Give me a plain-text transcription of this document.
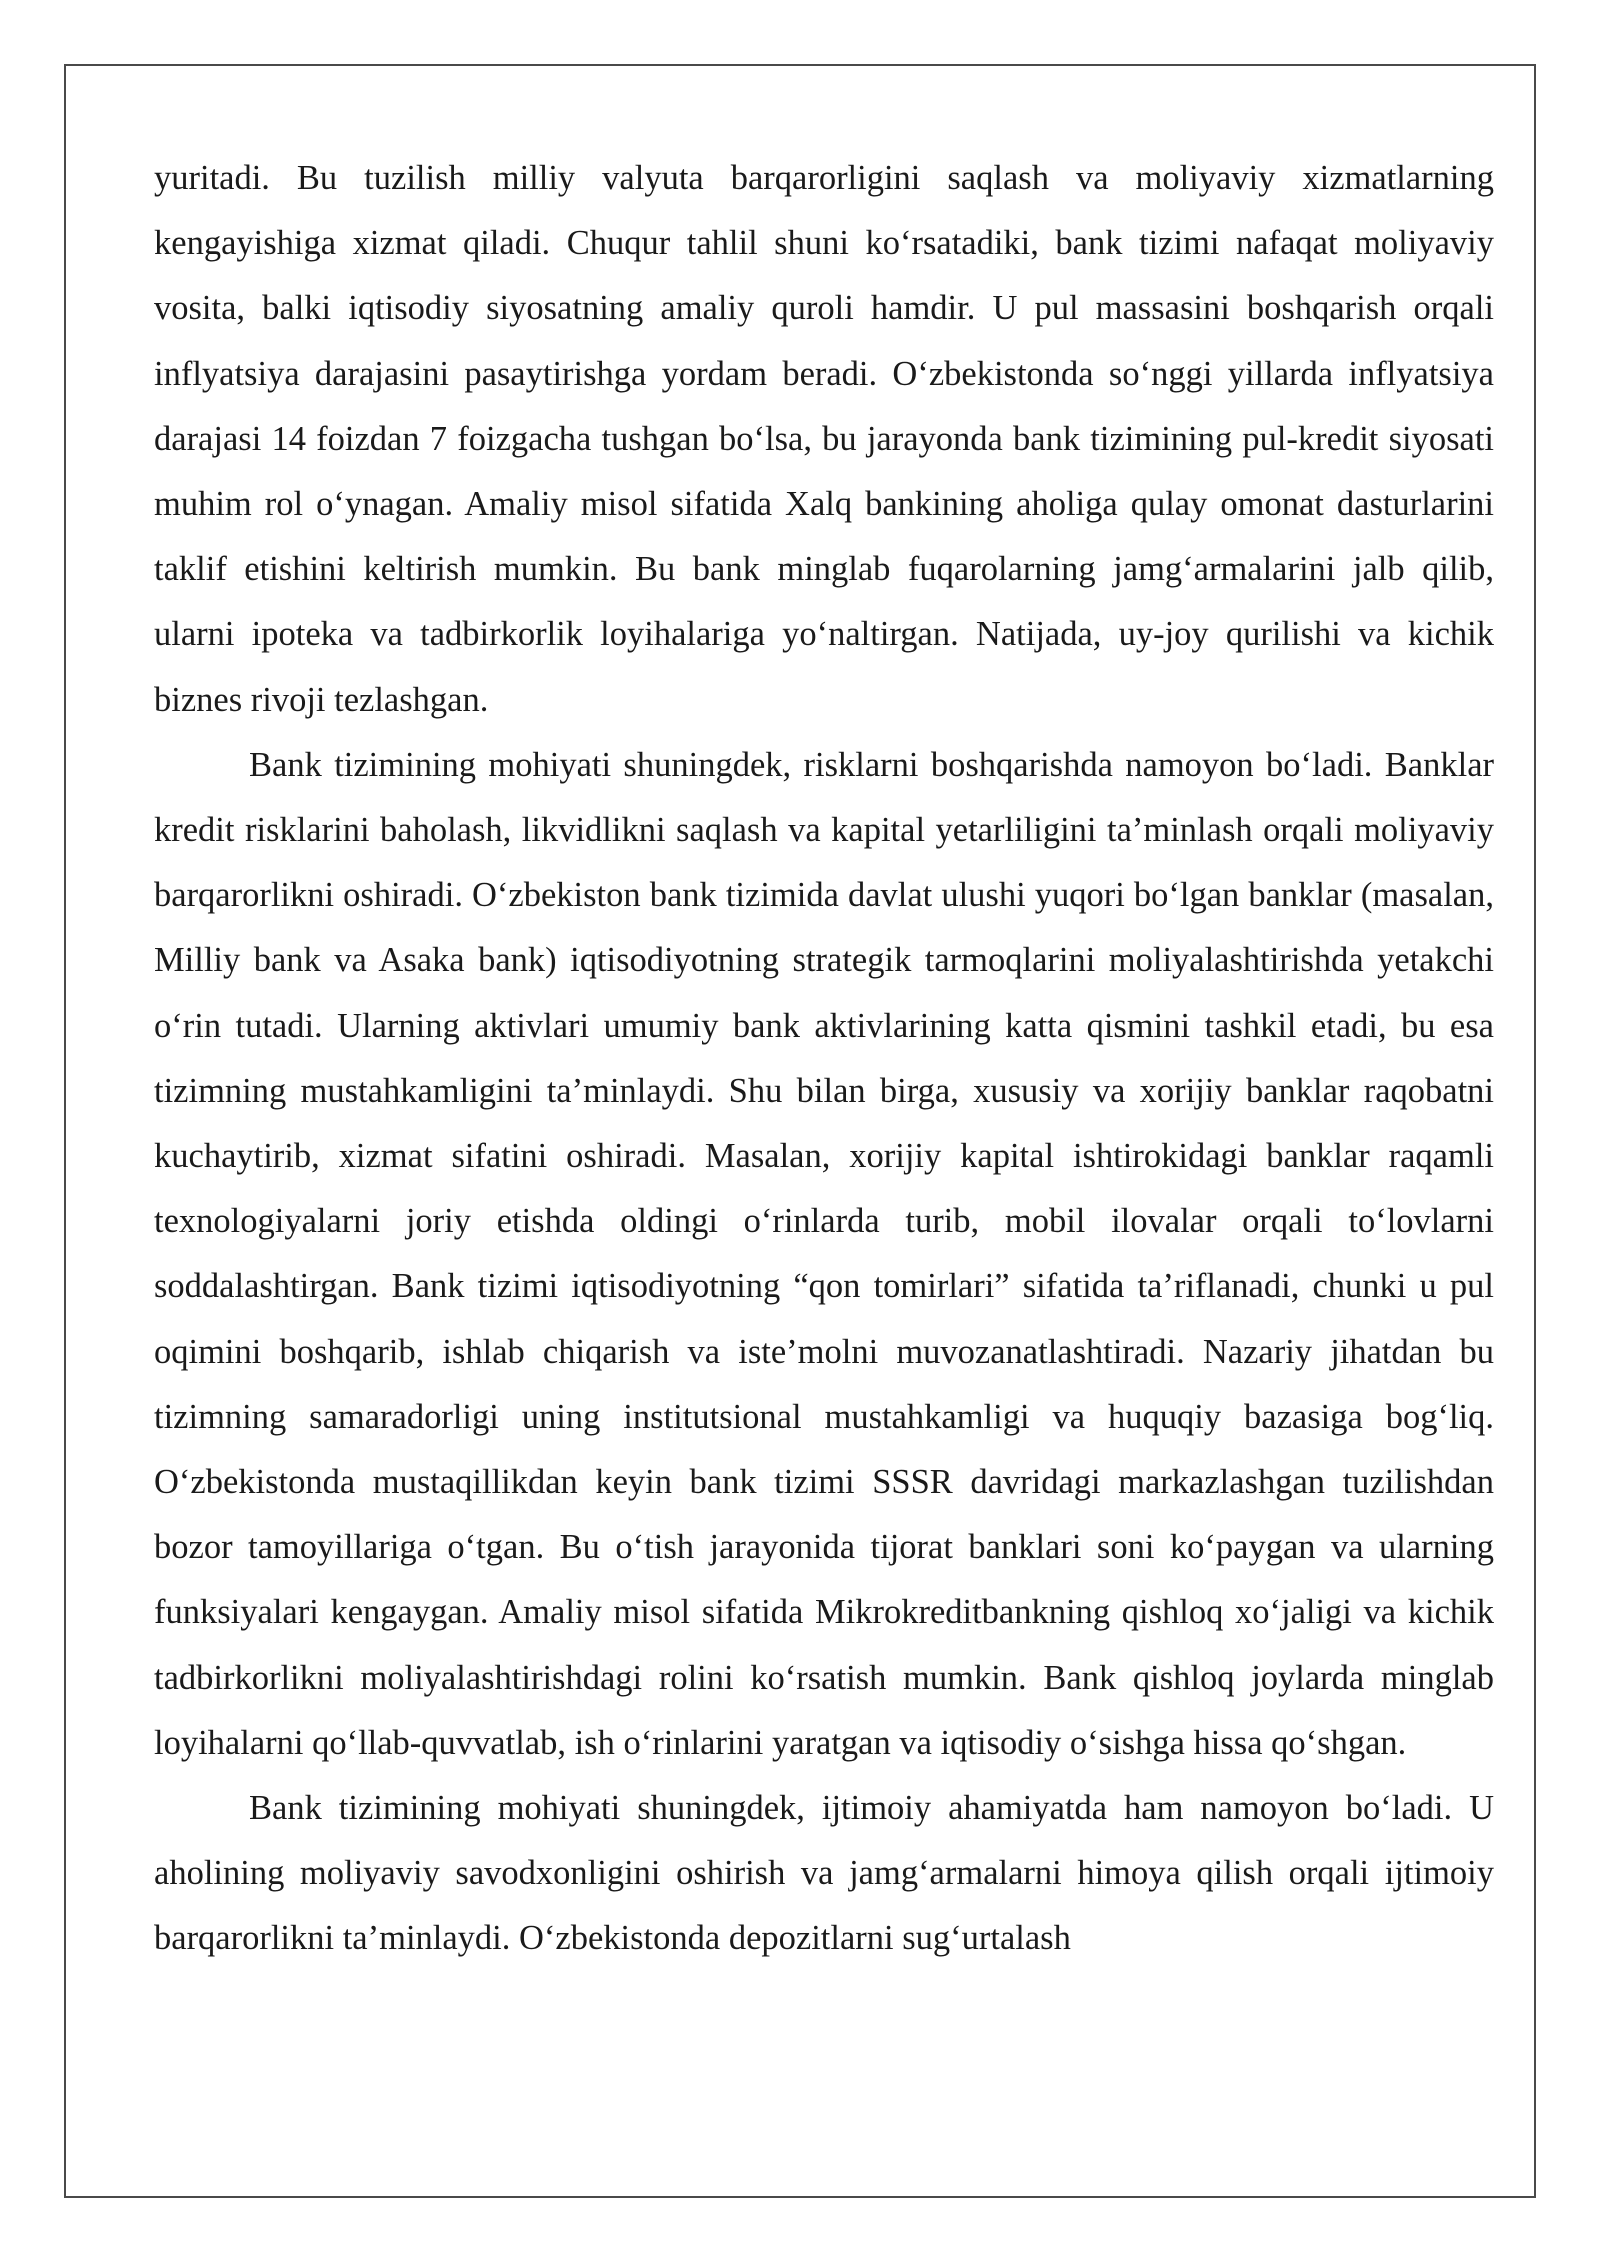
yuritadi. Bu tuzilish milliy valyuta barqarorligini saqlash va moliyaviy xizmatlarning kengayishiga xizmat qiladi. Chuqur tahlil shuni ko‘rsatadiki, bank tizimi nafaqat moliyaviy vosita, balki iqtisodiy siyosatning amaliy quroli hamdir. U pul massasini boshqarish orqali inflyatsiya darajasini pasaytirishga yordam beradi. O‘zbekistonda so‘nggi yillarda inflyatsiya darajasi 14 foizdan 7 foizgacha tushgan bo‘lsa, bu jarayonda bank tizimining pul-kredit siyosati muhim rol o‘ynagan. Amaliy misol sifatida Xalq bankining aholiga qulay omonat dasturlarini taklif etishini keltirish mumkin. Bu bank minglab fuqarolarning jamg‘armalarini jalb qilib, ularni ipoteka va tadbirkorlik loyihalariga yo‘naltirgan. Natijada, uy-joy qurilishi va kichik biznes rivoji tezlashgan.

Bank tizimining mohiyati shuningdek, risklarni boshqarishda namoyon bo‘ladi. Banklar kredit risklarini baholash, likvidlikni saqlash va kapital yetarliligini ta’minlash orqali moliyaviy barqarorlikni oshiradi. O‘zbekiston bank tizimida davlat ulushi yuqori bo‘lgan banklar (masalan, Milliy bank va Asaka bank) iqtisodiyotning strategik tarmoqlarini moliyalashtirishda yetakchi o‘rin tutadi. Ularning aktivlari umumiy bank aktivlarining katta qismini tashkil etadi, bu esa tizimning mustahkamligini ta’minlaydi. Shu bilan birga, xususiy va xorijiy banklar raqobatni kuchaytirib, xizmat sifatini oshiradi. Masalan, xorijiy kapital ishtirokidagi banklar raqamli texnologiyalarni joriy etishda oldingi o‘rinlarda turib, mobil ilovalar orqali to‘lovlarni soddalashtirgan. Bank tizimi iqtisodiyotning “qon tomirlari” sifatida ta’riflanadi, chunki u pul oqimini boshqarib, ishlab chiqarish va iste’molni muvozanatlashtiradi. Nazariy jihatdan bu tizimning samaradorligi uning institutsional mustahkamligi va huquqiy bazasiga bog‘liq. O‘zbekistonda mustaqillikdan keyin bank tizimi SSSR davridagi markazlashgan tuzilishdan bozor tamoyillariga o‘tgan. Bu o‘tish jarayonida tijorat banklari soni ko‘paygan va ularning funksiyalari kengaygan. Amaliy misol sifatida Mikrokreditbankning qishloq xo‘jaligi va kichik tadbirkorlikni moliyalashtirishdagi rolini ko‘rsatish mumkin. Bank qishloq joylarda minglab loyihalarni qo‘llab-quvvatlab, ish o‘rinlarini yaratgan va iqtisodiy o‘sishga hissa qo‘shgan.

Bank tizimining mohiyati shuningdek, ijtimoiy ahamiyatda ham namoyon bo‘ladi. U aholining moliyaviy savodxonligini oshirish va jamg‘armalarni himoya qilish orqali ijtimoiy barqarorlikni ta’minlaydi. O‘zbekistonda depozitlarni sug‘urtalash
